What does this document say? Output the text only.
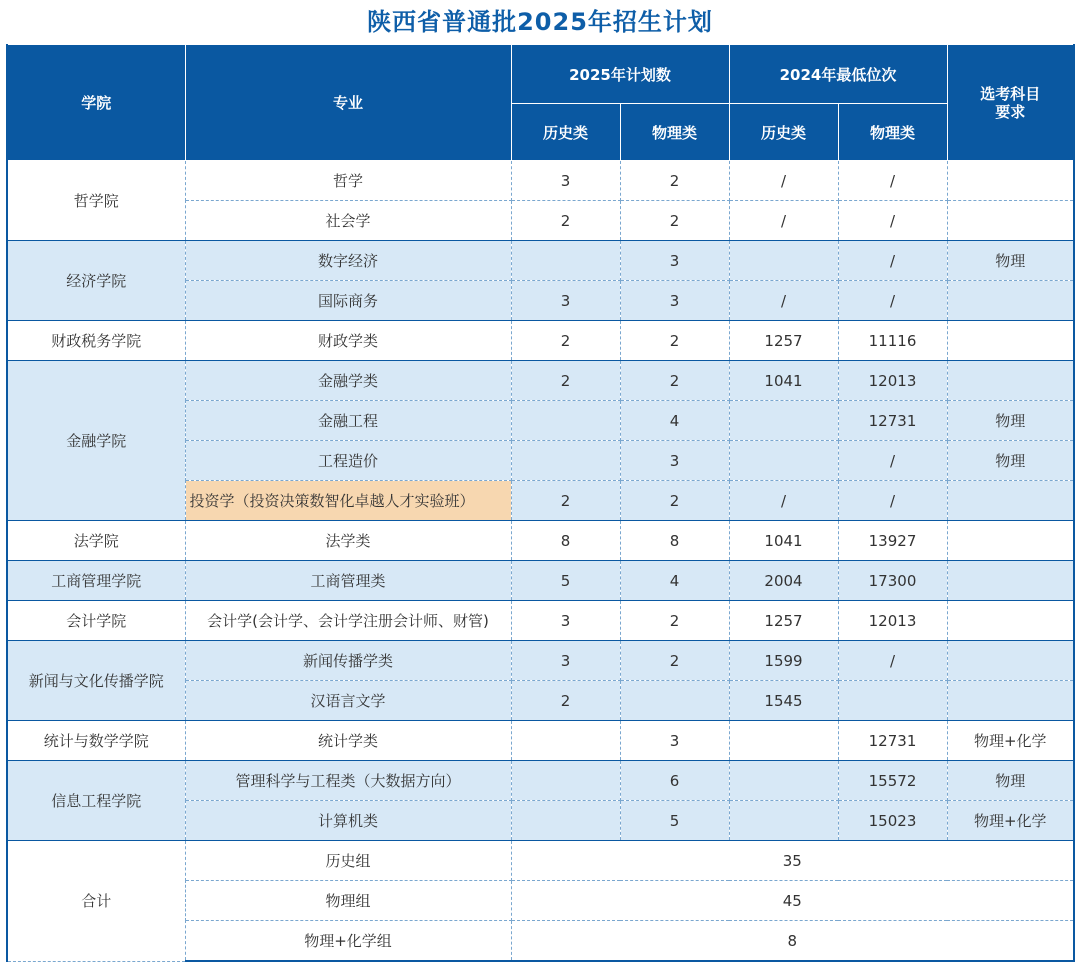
陕西省普通批2025年招生计划
学院	专业	2025年计划数		2024年最低位次		选考科目
要求
		历史类	物理类	历史类	物理类	
哲学院	哲学	3	2	/	/	
	社会学	2	2	/	/	
经济学院	数字经济		3		/	物理
	国际商务	3	3	/	/	
财政税务学院	财政学类	2	2	1257	11116	
金融学院	金融学类	2	2	1041	12013	
	金融工程		4		12731	物理
	工程造价		3		/	物理
	投资学（投资决策数智化卓越人才实验班）	2	2	/	/	
法学院	法学类	8	8	1041	13927	
工商管理学院	工商管理类	5	4	2004	17300	
会计学院	会计学(会计学、会计学注册会计师、财管)	3	2	1257	12013	
新闻与文化传播学院	新闻传播学类	3	2	1599	/	
	汉语言文学	2		1545		
统计与数学学院	统计学类		3		12731	物理+化学
信息工程学院	管理科学与工程类（大数据方向）		6		15572	物理
	计算机类		5		15023	物理+化学
合计	历史组	35				
	物理组	45				
	物理+化学组	8				
